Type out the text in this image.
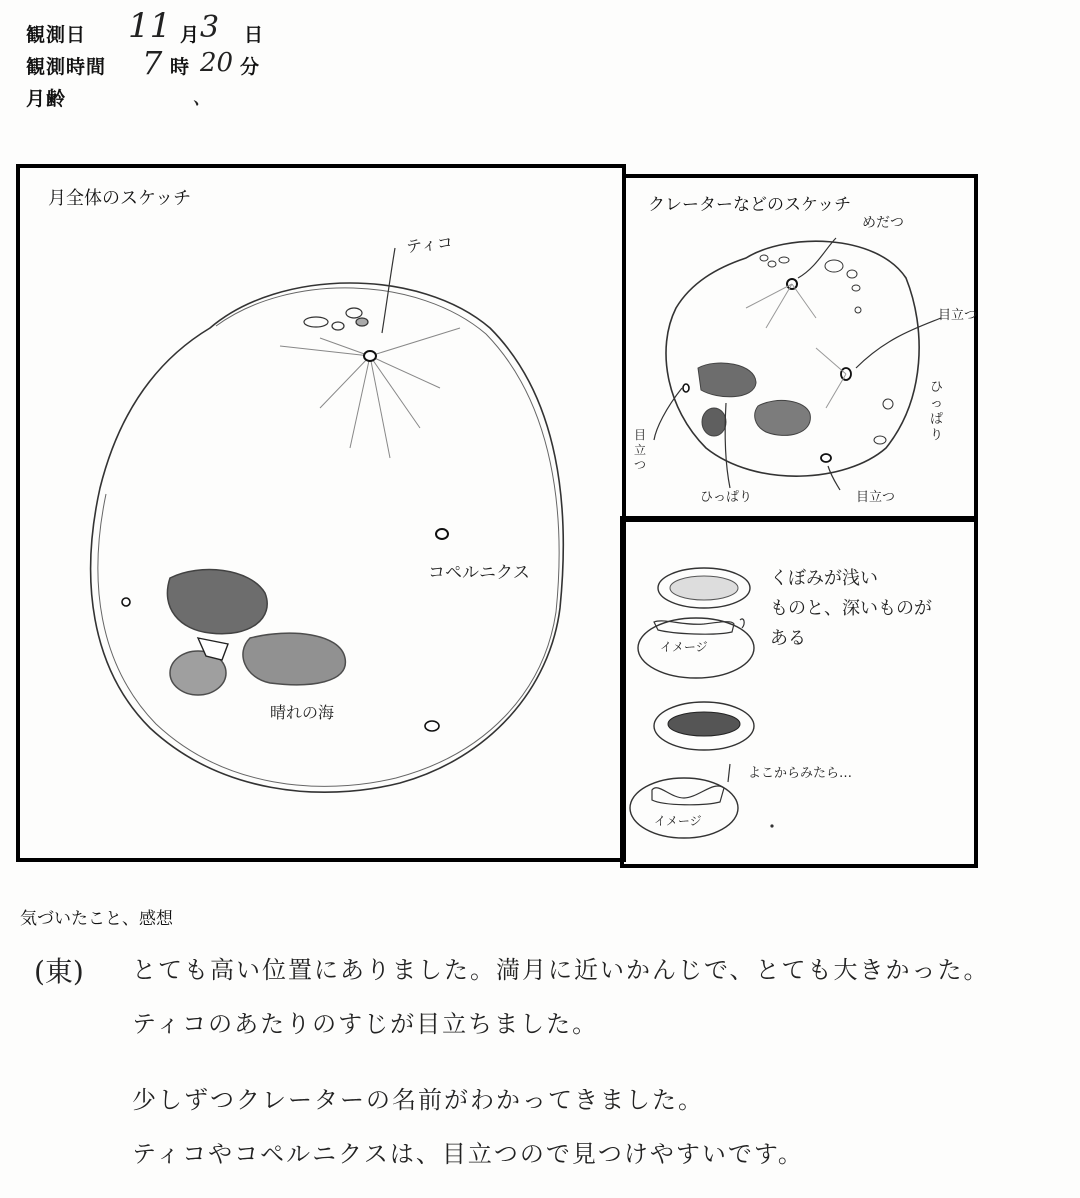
観測日 11 月 3 日
観測時間 7 時 20 分
月齢	、
月全体のスケッチ
ティコ
コペルニクス
晴れの海
クレーターなどのスケッチ
めだつ
目立つ
ひっぱり
目立つ
ひっぱり	目立つ
くぼみが浅い
ものと、深いものが
ある
イメージ
イメージ
よこからみたら…
気づいたこと、感想
(東) とても高い位置にありました。満月に近いかんじで、とても大きかった。
ティコのあたりのすじが目立ちました。
少しずつクレーターの名前がわかってきました。
ティコやコペルニクスは、目立つので見つけやすいです。
